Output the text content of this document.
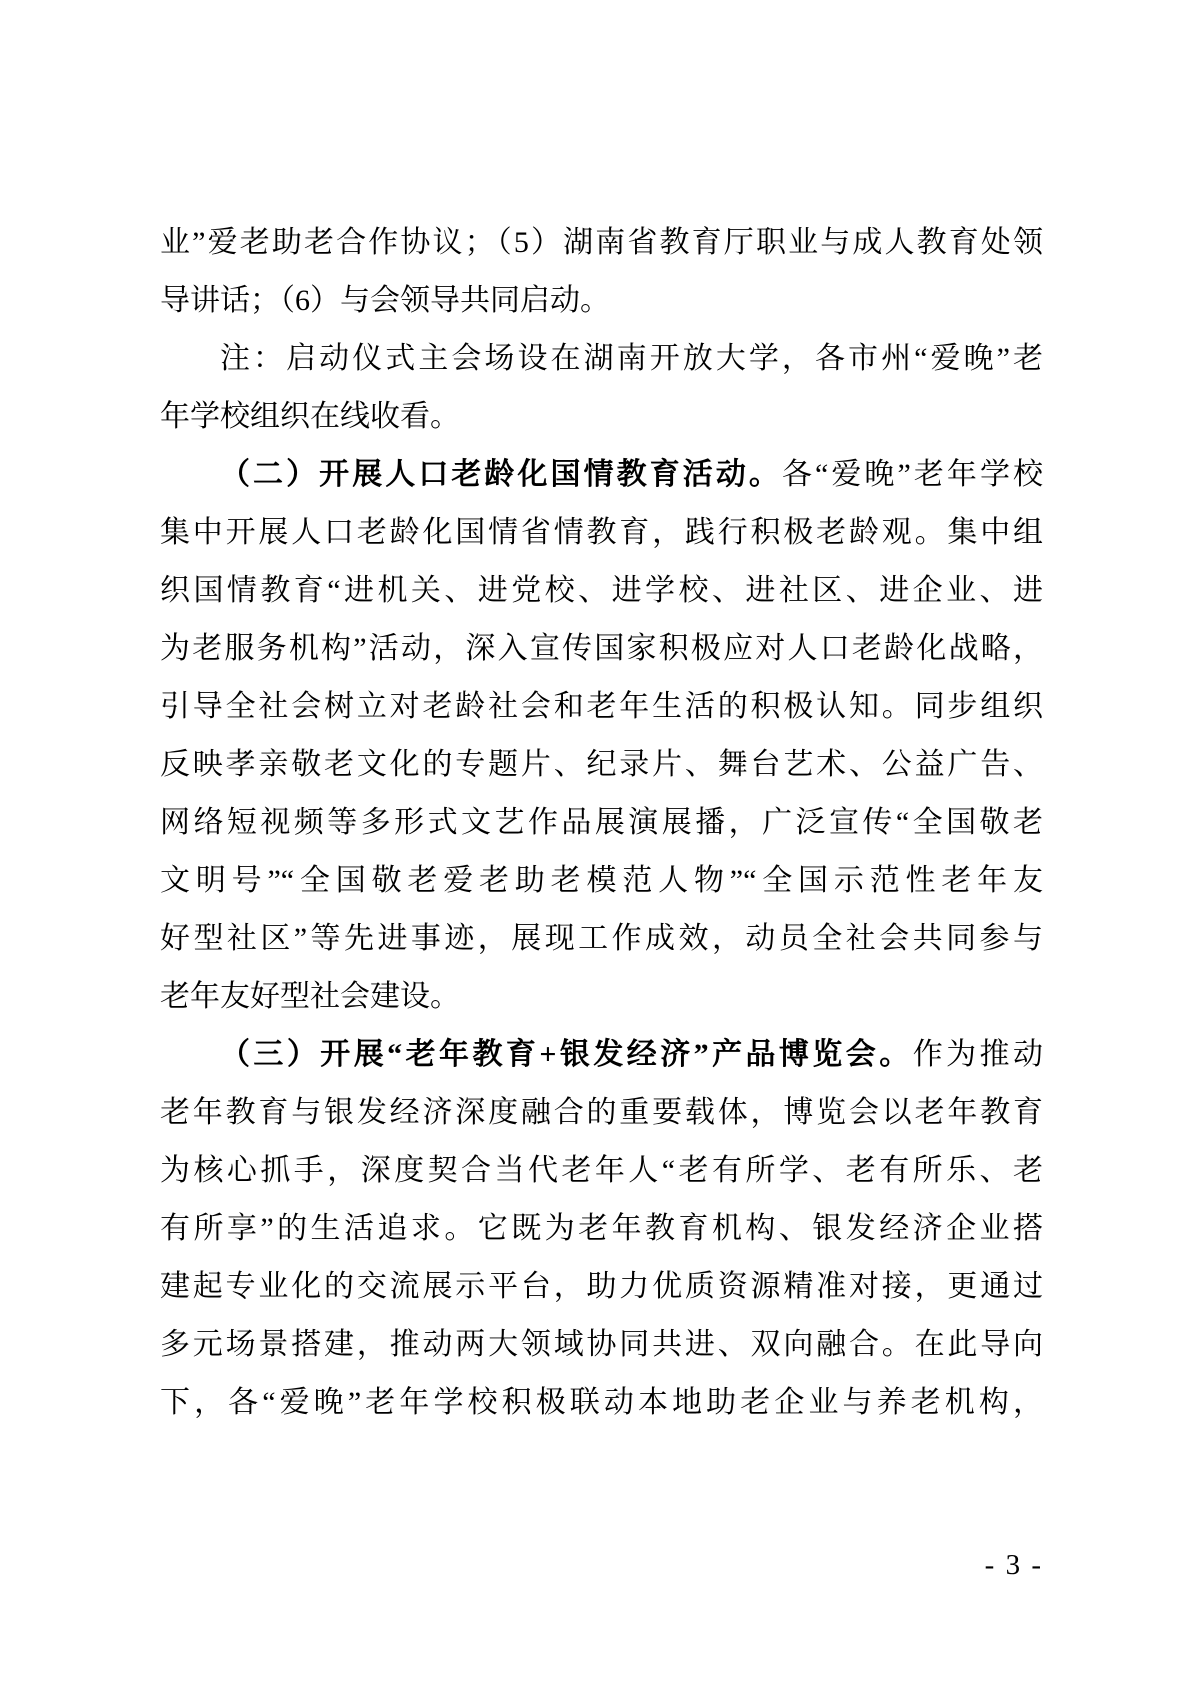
业”爱老助老合作协议；（5）湖南省教育厅职业与成人教育处领
导讲话；（6）与会领导共同启动。
注：启动仪式主会场设在湖南开放大学，各市州“爱晚”老
年学校组织在线收看。
（二）开展人口老龄化国情教育活动。各“爱晚”老年学校
集中开展人口老龄化国情省情教育，践行积极老龄观。集中组
织国情教育“进机关、进党校、进学校、进社区、进企业、进
为老服务机构”活动，深入宣传国家积极应对人口老龄化战略，
引导全社会树立对老龄社会和老年生活的积极认知。同步组织
反映孝亲敬老文化的专题片、纪录片、舞台艺术、公益广告、
网络短视频等多形式文艺作品展演展播，广泛宣传“全国敬老
文明号”“全国敬老爱老助老模范人物”“全国示范性老年友
好型社区”等先进事迹，展现工作成效，动员全社会共同参与
老年友好型社会建设。
（三）开展“老年教育+银发经济”产品博览会。作为推动
老年教育与银发经济深度融合的重要载体，博览会以老年教育
为核心抓手，深度契合当代老年人“老有所学、老有所乐、老
有所享”的生活追求。它既为老年教育机构、银发经济企业搭
建起专业化的交流展示平台，助力优质资源精准对接，更通过
多元场景搭建，推动两大领域协同共进、双向融合。在此导向
下，各“爱晚”老年学校积极联动本地助老企业与养老机构，
- 3 -
